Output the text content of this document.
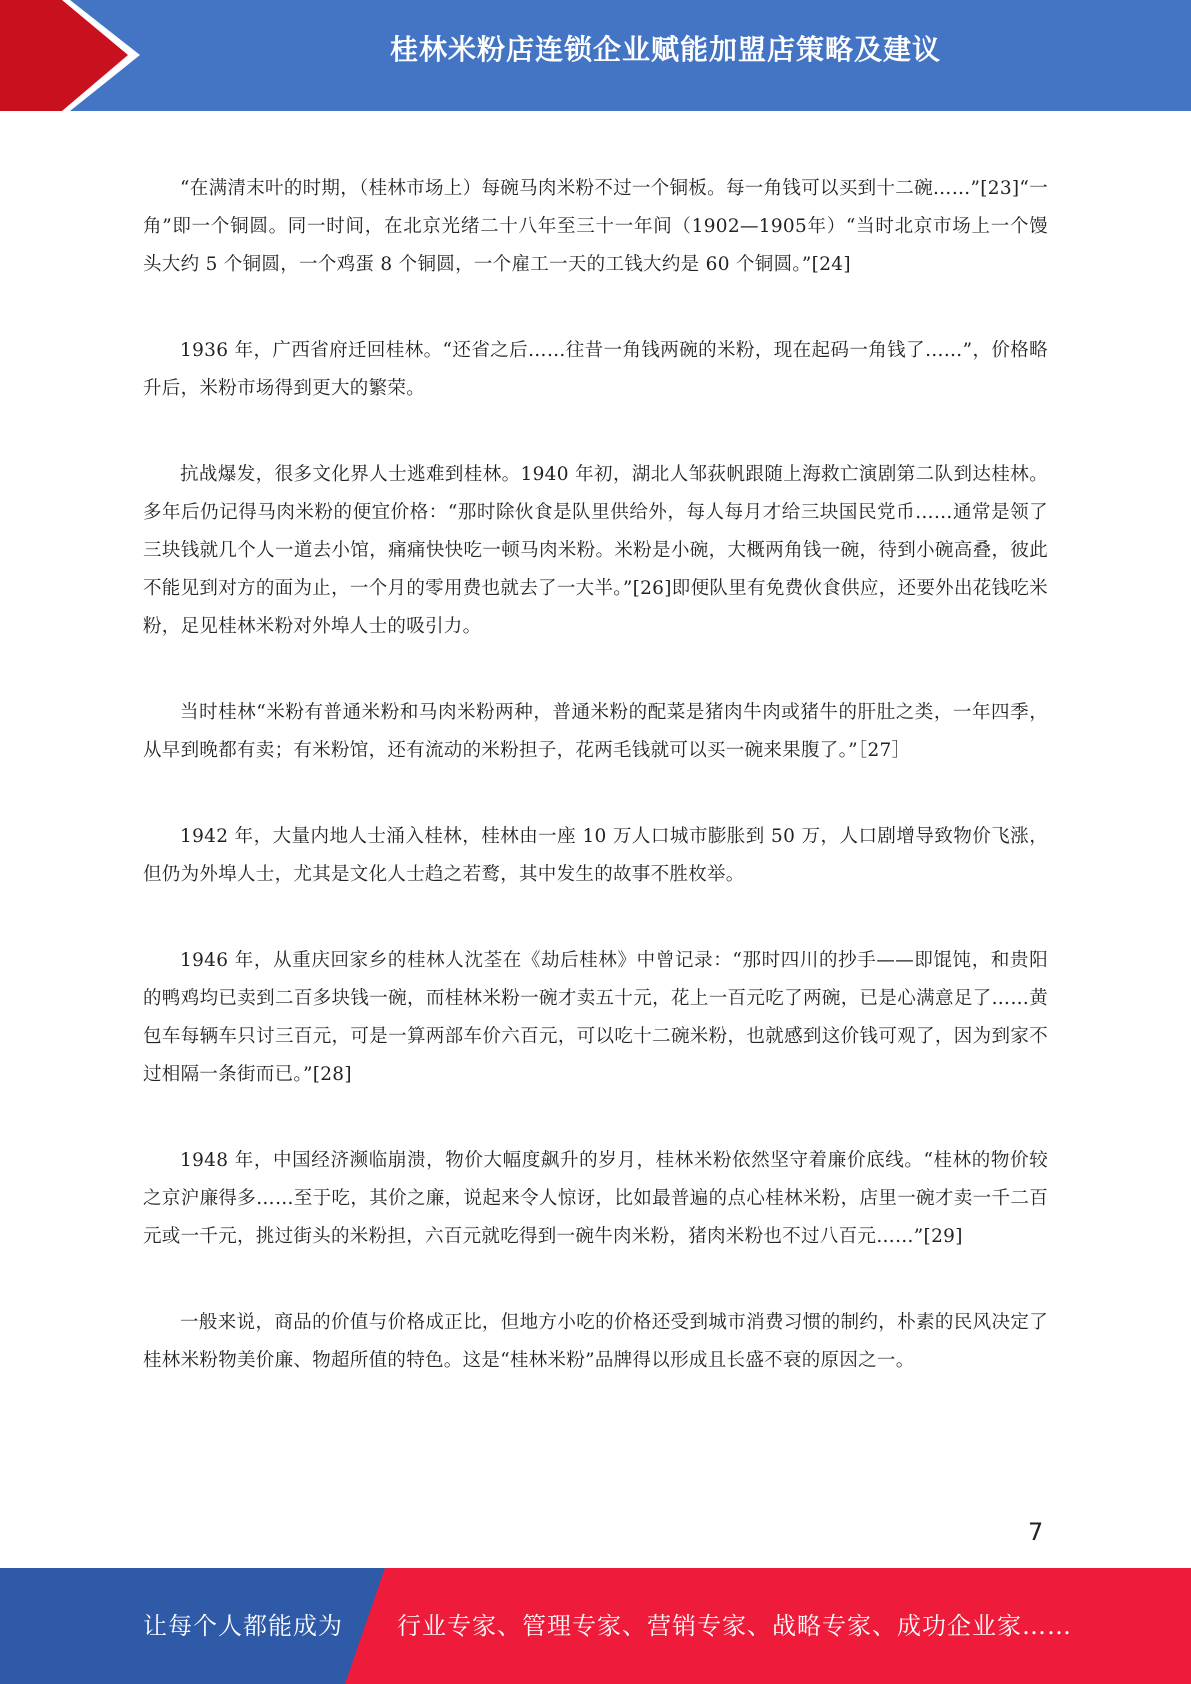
桂林米粉店连锁企业赋能加盟店策略及建议

“在满清末叶的时期，（桂林市场上）每碗马肉米粉不过一个铜板。每一角钱可以买到十二碗……”[23]“一角”即一个铜圆。同一时间，在北京光绪二十八年至三十一年间（1902—1905年）“当时北京市场上一个馒头大约 5 个铜圆，一个鸡蛋 8 个铜圆，一个雇工一天的工钱大约是 60 个铜圆。”[24]

1936 年，广西省府迁回桂林。“还省之后……往昔一角钱两碗的米粉，现在起码一角钱了……”，价格略升后，米粉市场得到更大的繁荣。

抗战爆发，很多文化界人士逃难到桂林。1940 年初，湖北人邹荻帆跟随上海救亡演剧第二队到达桂林。多年后仍记得马肉米粉的便宜价格：“那时除伙食是队里供给外，每人每月才给三块国民党币……通常是领了三块钱就几个人一道去小馆，痛痛快快吃一顿马肉米粉。米粉是小碗，大概两角钱一碗，待到小碗高叠，彼此不能见到对方的面为止，一个月的零用费也就去了一大半。”[26]即便队里有免费伙食供应，还要外出花钱吃米粉，足见桂林米粉对外埠人士的吸引力。

当时桂林“米粉有普通米粉和马肉米粉两种，普通米粉的配菜是猪肉牛肉或猪牛的肝肚之类，一年四季，从早到晚都有卖；有米粉馆，还有流动的米粉担子，花两毛钱就可以买一碗来果腹了。”［27］

1942 年，大量内地人士涌入桂林，桂林由一座 10 万人口城市膨胀到 50 万，人口剧增导致物价飞涨，但仍为外埠人士，尤其是文化人士趋之若鹜，其中发生的故事不胜枚举。

1946 年，从重庆回家乡的桂林人沈荃在《劫后桂林》中曾记录：“那时四川的抄手——即馄饨，和贵阳的鸭鸡均已卖到二百多块钱一碗，而桂林米粉一碗才卖五十元，花上一百元吃了两碗，已是心满意足了……黄包车每辆车只讨三百元，可是一算两部车价六百元，可以吃十二碗米粉，也就感到这价钱可观了，因为到家不过相隔一条街而已。”[28]

1948 年，中国经济濒临崩溃，物价大幅度飙升的岁月，桂林米粉依然坚守着廉价底线。“桂林的物价较之京沪廉得多……至于吃，其价之廉，说起来令人惊讶，比如最普遍的点心桂林米粉，店里一碗才卖一千二百元或一千元，挑过街头的米粉担，六百元就吃得到一碗牛肉米粉，猪肉米粉也不过八百元……”[29]

一般来说，商品的价值与价格成正比，但地方小吃的价格还受到城市消费习惯的制约，朴素的民风决定了桂林米粉物美价廉、物超所值的特色。这是“桂林米粉”品牌得以形成且长盛不衰的原因之一。

7
让每个人都能成为 行业专家、管理专家、营销专家、战略专家、成功企业家……
